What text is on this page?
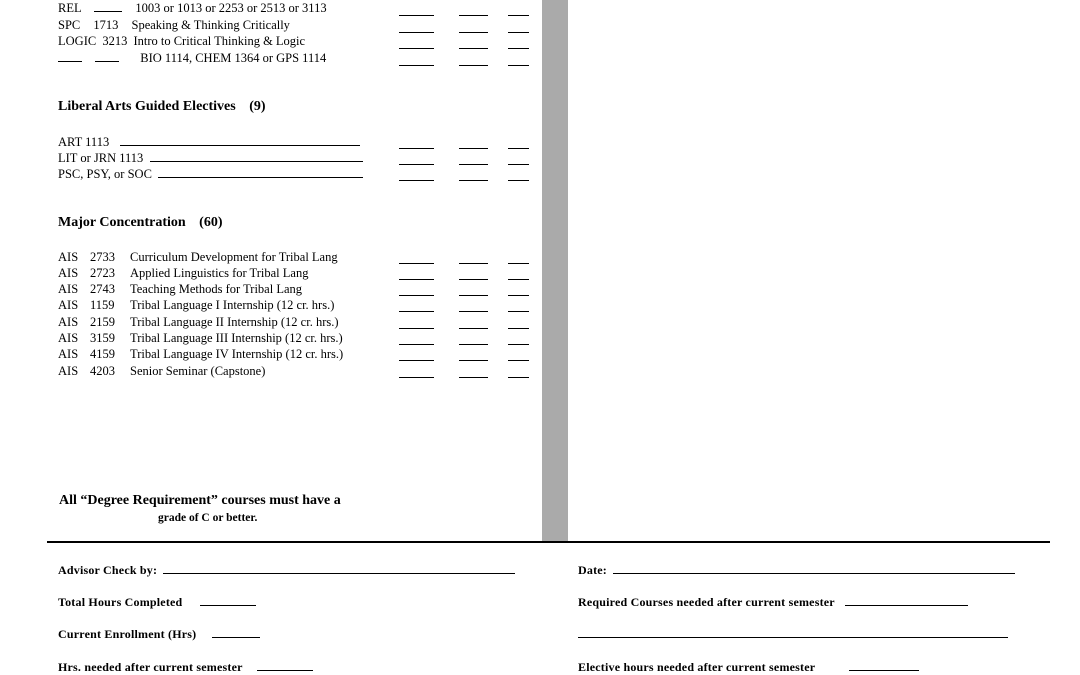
REL	1003 or 1013 or 2253 or 2513 or 3113
SPC 1713 Speaking & Thinking Critically
LOGIC 3213 Intro to Critical Thinking & Logic
BIO 1114, CHEM 1364 or GPS 1114
Liberal Arts Guided Electives (9)
ART 1113
LIT or JRN 1113
PSC, PSY, or SOC
Major Concentration (60)
AIS 2733 Curriculum Development for Tribal Lang
AIS 2723 Applied Linguistics for Tribal Lang
AIS 2743 Teaching Methods for Tribal Lang
AIS 1159 Tribal Language I Internship (12 cr. hrs.)
AIS 2159 Tribal Language II Internship (12 cr. hrs.)
AIS 3159 Tribal Language III Internship (12 cr. hrs.)
AIS 4159 Tribal Language IV Internship (12 cr. hrs.)
AIS 4203 Senior Seminar (Capstone)
All “Degree Requirement” courses must have a
grade of C or better.
Advisor Check by:	Date:
Total Hours Completed	Required Courses needed after current semester
Current Enrollment (Hrs)
Hrs. needed after current semester	Elective hours needed after current semester
